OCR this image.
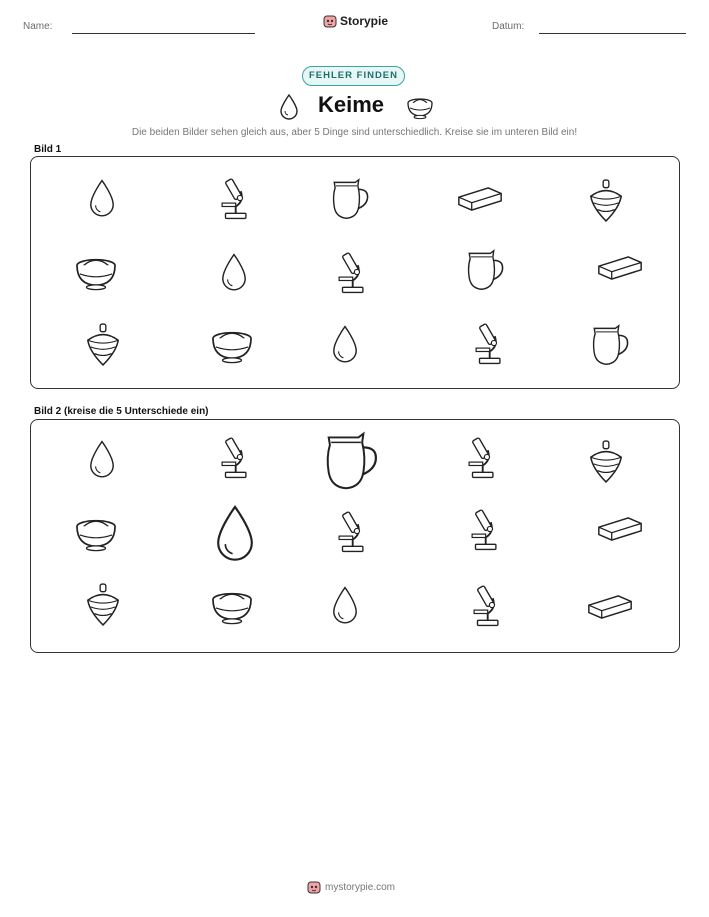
Name:	Storypie	Datum:
FEHLER FINDEN
Keime
Die beiden Bilder sehen gleich aus, aber 5 Dinge sind unterschiedlich. Kreise sie im unteren Bild ein!
Bild 1
Bild 2 (kreise die 5 Unterschiede ein)
mystorypie.com
